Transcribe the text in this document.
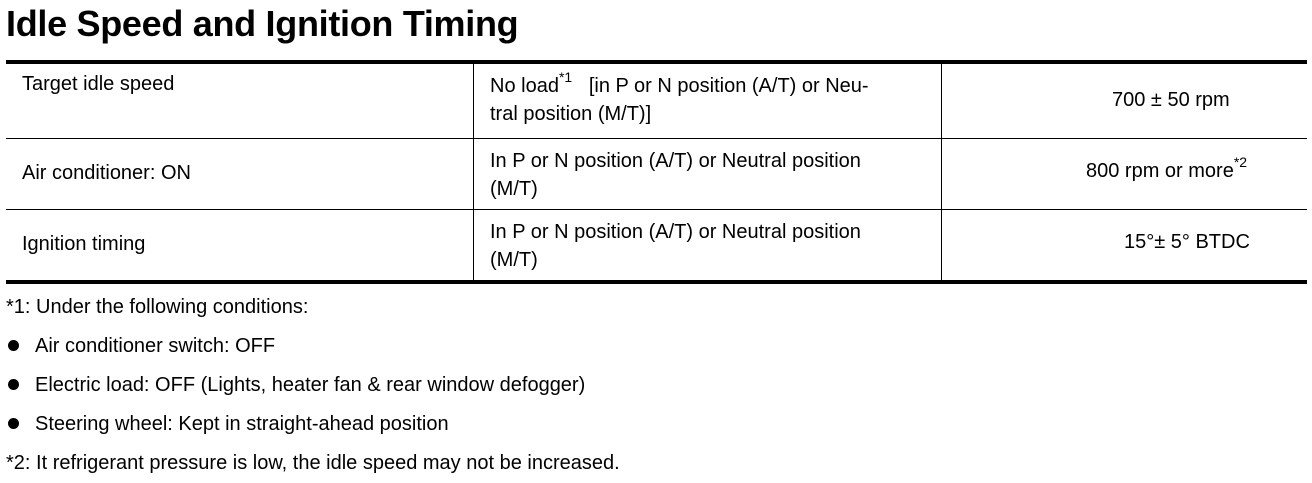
Idle Speed and Ignition Timing
Target idle speed	No load$^{*1}$   [in P or N position (A/T) or Neu-
tral position (M/T)]	700 ± 50 rpm

Air conditioner: ON	In P or N position (A/T) or Neutral position
(M/T)	800 rpm or more$^{*2}$

Ignition timing	In P or N position (A/T) or Neutral position
(M/T)	15°± 5° BTDC
*1: Under the following conditions:
Air conditioner switch: OFF
Electric load: OFF (Lights, heater fan & rear window defogger)
Steering wheel: Kept in straight-ahead position
*2: It refrigerant pressure is low, the idle speed may not be increased.
